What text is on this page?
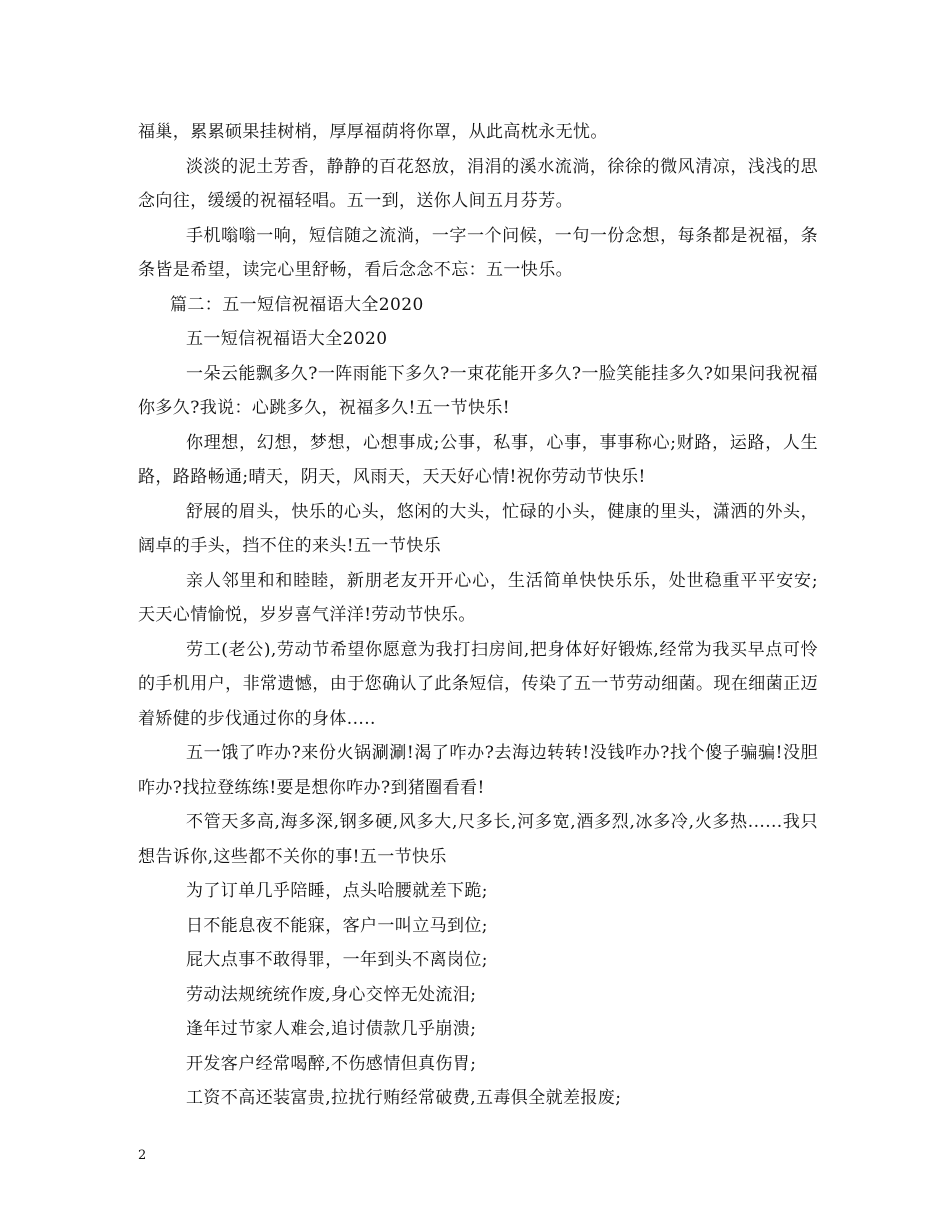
福巢，累累硕果挂树梢，厚厚福荫将你罩，从此高枕永无忧。

淡淡的泥土芳香，静静的百花怒放，涓涓的溪水流淌，徐徐的微风清凉，浅浅的思念向往，缓缓的祝福轻唱。五一到，送你人间五月芬芳。

手机嗡嗡一响，短信随之流淌，一字一个问候，一句一份念想，每条都是祝福，条条皆是希望，读完心里舒畅，看后念念不忘：五一快乐。

篇二：五一短信祝福语大全2020

五一短信祝福语大全2020

一朵云能飘多久?一阵雨能下多久?一束花能开多久?一脸笑能挂多久?如果问我祝福你多久?我说：心跳多久，祝福多久!五一节快乐!

你理想，幻想，梦想，心想事成;公事，私事，心事，事事称心;财路，运路，人生路，路路畅通;晴天，阴天，风雨天，天天好心情!祝你劳动节快乐!

舒展的眉头，快乐的心头，悠闲的大头，忙碌的小头，健康的里头，潇洒的外头，阔卓的手头，挡不住的来头!五一节快乐

亲人邻里和和睦睦，新朋老友开开心心，生活简单快快乐乐，处世稳重平平安安;天天心情愉悦，岁岁喜气洋洋!劳动节快乐。

劳工(老公),劳动节希望你愿意为我打扫房间,把身体好好锻炼,经常为我买早点可怜的手机用户，非常遗憾，由于您确认了此条短信，传染了五一节劳动细菌。现在细菌正迈着矫健的步伐通过你的身体.....

五一饿了咋办?来份火锅涮涮!渴了咋办?去海边转转!没钱咋办?找个傻子骗骗!没胆咋办?找拉登练练!要是想你咋办?到猪圈看看!

不管天多高,海多深,钢多硬,风多大,尺多长,河多宽,酒多烈,冰多冷,火多热......我只想告诉你,这些都不关你的事!五一节快乐

为了订单几乎陪睡，点头哈腰就差下跪;

日不能息夜不能寐，客户一叫立马到位;

屁大点事不敢得罪，一年到头不离岗位;

劳动法规统统作废,身心交悴无处流泪;

逢年过节家人难会,追讨债款几乎崩溃;

开发客户经常喝醉,不伤感情但真伤胃;

工资不高还装富贵,拉扰行贿经常破费,五毒俱全就差报废;

2
